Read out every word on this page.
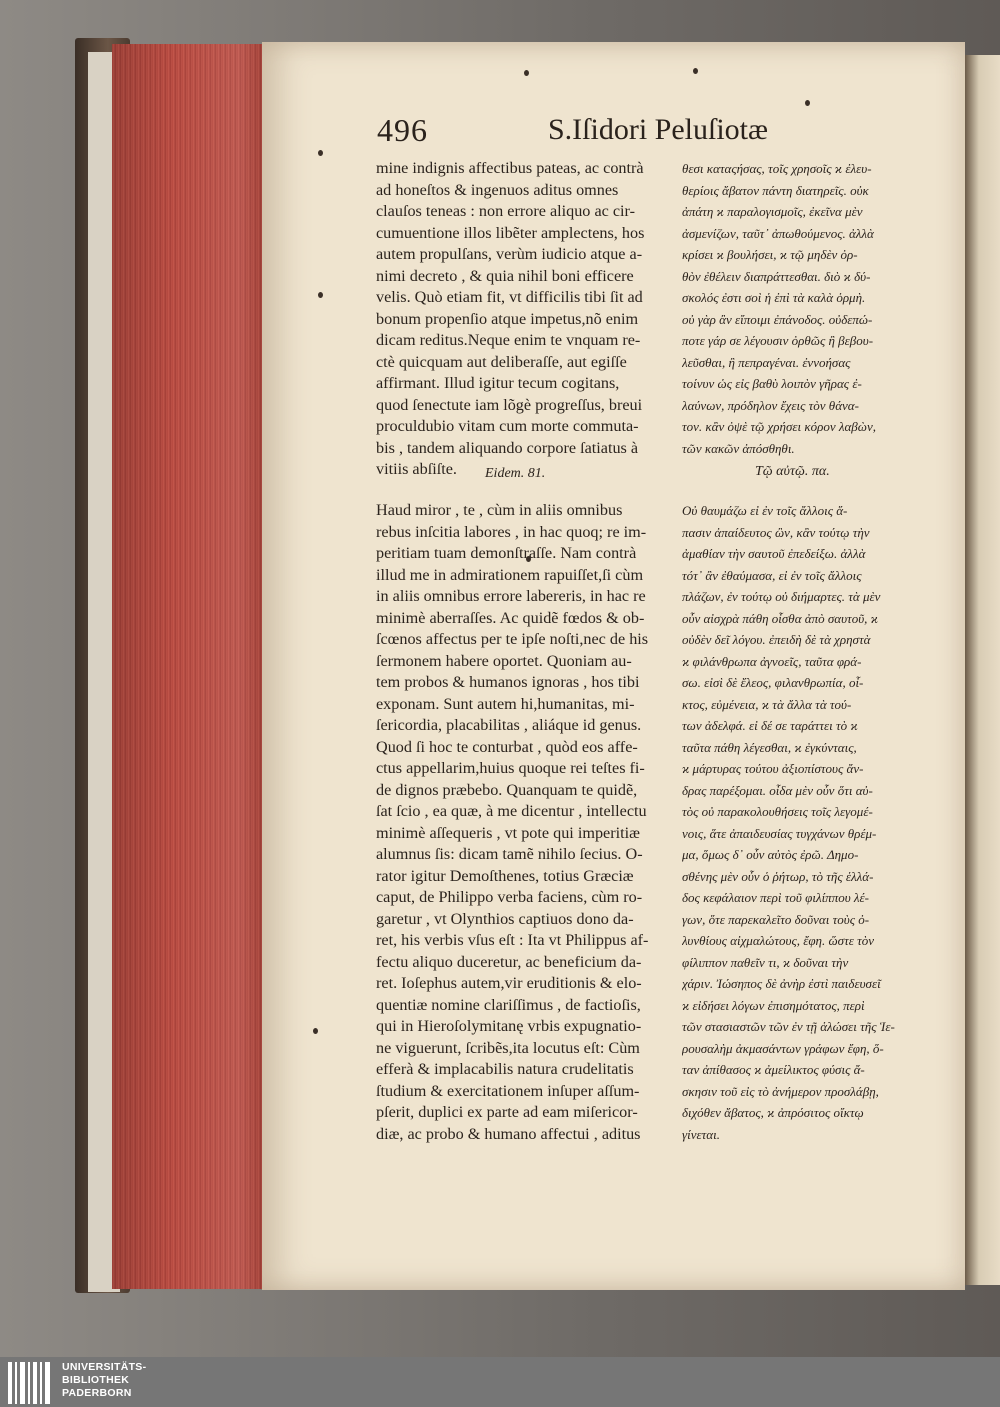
496	S.Iſidori Peluſiotæ
mine indignis affectibus pateas, ac contrà
ad honeſtos & ingenuos aditus omnes
clauſos teneas : non errore aliquo ac cir-
cumuentione illos libẽter amplectens, hos
autem propulſans, verùm iudicio atque a-
nimi decreto , & quia nihil boni efficere
velis. Quò etiam fit, vt difficilis tibi ſit ad
bonum propenſio atque impetus,nõ enim
dicam reditus.Neque enim te vnquam re-
ctè quicquam aut deliberaſſe, aut egiſſe
affirmant. Illud igitur tecum cogitans,
quod ſenectute iam lõgè progreſſus, breui
proculdubio vitam cum morte commuta-
bis , tandem aliquando corpore ſatiatus à
vitiis abſiſte.
θεσι καταςήσας, τοῖς χρησοῖς ϰ ἐλευ-
θερίοις ἄβατον πάντη διατηρεῖς. οὐκ
ἀπάτη ϰ παραλογισμοῖς, ἐκεῖνα μὲν
ἀσμενίζων, ταῦτ᾽ ἀπωθούμενος. ἀλλὰ
κρίσει ϰ βουλήσει, ϰ τῷ μηδὲν ὀρ-
θὸν ἐθέλειν διαπράττεσθαι. διὸ ϰ δύ-
σκολός ἐστι σοὶ ἡ ἐπὶ τὰ καλὰ ὁρμὴ.
οὐ γὰρ ἂν εἴποιμι ἐπάνοδος. οὐδεπώ-
ποτε γάρ σε λέγουσιν ὀρθῶς ἢ βεβου-
λεῦσθαι, ἢ πεπραγέναι. ἐννοήσας
τοίνυν ὡς εἰς βαθὺ λοιπὸν γῆρας ἐ-
λαύνων, πρόδηλον ἔχεις τὸν θάνα-
τον. κἂν ὀψὲ τῷ χρήσει κόρον λαβὼν,
τῶν κακῶν ἀπόσθηθι.
Eidem. 81.	Τῷ αὐτῷ. πα.
Haud miror , te , cùm in aliis omnibus
rebus inſcitia labores , in hac quoq; re im-
peritiam tuam demonſtraſſe. Nam contrà
illud me in admirationem rapuiſſet,ſi cùm
in aliis omnibus errore labereris, in hac re
minimè aberraſſes. Ac quidẽ fœdos & ob-
ſcœnos affectus per te ipſe noſti,nec de his
ſermonem habere oportet. Quoniam au-
tem probos & humanos ignoras , hos tibi
exponam. Sunt autem hi,humanitas, mi-
ſericordia, placabilitas , aliáque id genus.
Quod ſi hoc te conturbat , quòd eos affe-
ctus appellarim,huius quoque rei teſtes fi-
de dignos præbebo. Quanquam te quidẽ,
ſat ſcio , ea quæ, à me dicentur , intellectu
minimè aſſequeris , vt pote qui imperitiæ
alumnus ſis: dicam tamẽ nihilo ſecius. O-
rator igitur Demoſthenes, totius Græciæ
caput, de Philippo verba faciens, cùm ro-
garetur , vt Olynthios captiuos dono da-
ret, his verbis vſus eſt : Ita vt Philippus af-
fectu aliquo duceretur, ac beneficium da-
ret. Ioſephus autem,vir eruditionis & elo-
quentiæ nomine clariſſimus , de factioſis,
qui in Hieroſolymitanę vrbis expugnatio-
ne viguerunt, ſcribẽs,ita locutus eſt: Cùm
efferà & implacabilis natura crudelitatis
ſtudium & exercitationem inſuper aſſum-
pſerit, duplici ex parte ad eam miſericor-
diæ, ac probo & humano affectui , aditus
Οὐ θαυμάζω εἰ ἐν τοῖς ἄλλοις ἅ-
πασιν ἀπαίδευτος ὢν, κἂν τούτῳ τὴν
ἀμαθίαν τὴν σαυτοῦ ἐπεδείξω. ἀλλὰ
τότ᾽ ἂν ἐθαύμασα, εἰ ἐν τοῖς ἄλλοις
πλάζων, ἐν τούτῳ οὐ διήμαρτες. τὰ μὲν
οὖν αἰσχρὰ πάθη οἶσθα ἀπὸ σαυτοῦ, ϰ
οὐδὲν δεῖ λόγου. ἐπειδὴ δὲ τὰ χρηστὰ
ϰ φιλάνθρωπα ἀγνοεῖς, ταῦτα φρά-
σω. εἰσὶ δὲ ἔλεος, φιλανθρωπία, οἶ-
κτος, εὐμένεια, ϰ τὰ ἄλλα τὰ τού-
των ἀδελφά. εἰ δέ σε ταράττει τὸ ϰ
ταῦτα πάθη λέγεσθαι, ϰ ἐγκύνταις,
ϰ μάρτυρας τούτου ἀξιοπίστους ἄν-
δρας παρέξομαι. οἶδα μὲν οὖν ὅτι αὐ-
τὸς οὐ παρακολουθήσεις τοῖς λεγομέ-
νοις, ἅτε ἀπαιδευσίας τυγχάνων θρέμ-
μα, ὅμως δ᾽ οὖν αὐτὸς ἐρῶ. Δημο-
σθένης μὲν οὖν ὁ ῥήτωρ, τὸ τῆς ἑλλά-
δος κεφάλαιον περὶ τοῦ φιλίππου λέ-
γων, ὅτε παρεκαλεῖτο δοῦναι τοὺς ὀ-
λυνθίους αἰχμαλώτους, ἔφη. ὥστε τὸν
φίλιππον παθεῖν τι, ϰ δοῦναι τὴν
χάριν. Ἰώσηπος δὲ ἀνὴρ ἐστὶ παιδευσεῖ
ϰ εἰδήσει λόγων ἐπισημότατος, περὶ
τῶν στασιαστῶν τῶν ἐν τῇ ἁλώσει τῆς Ἱε-
ρουσαλὴμ ἀκμασάντων γράφων ἔφη, ὅ-
ταν ἀπίθασος ϰ ἀμείλικτος φύσις ἄ-
σκησιν τοῦ εἰς τὸ ἀνήμερον προσλάβῃ,
διχόθεν ἄβατος, ϰ ἀπρόσιτος οἴκτῳ
γίνεται.
UNIVERSITÄTS-
BIBLIOTHEK
PADERBORN
